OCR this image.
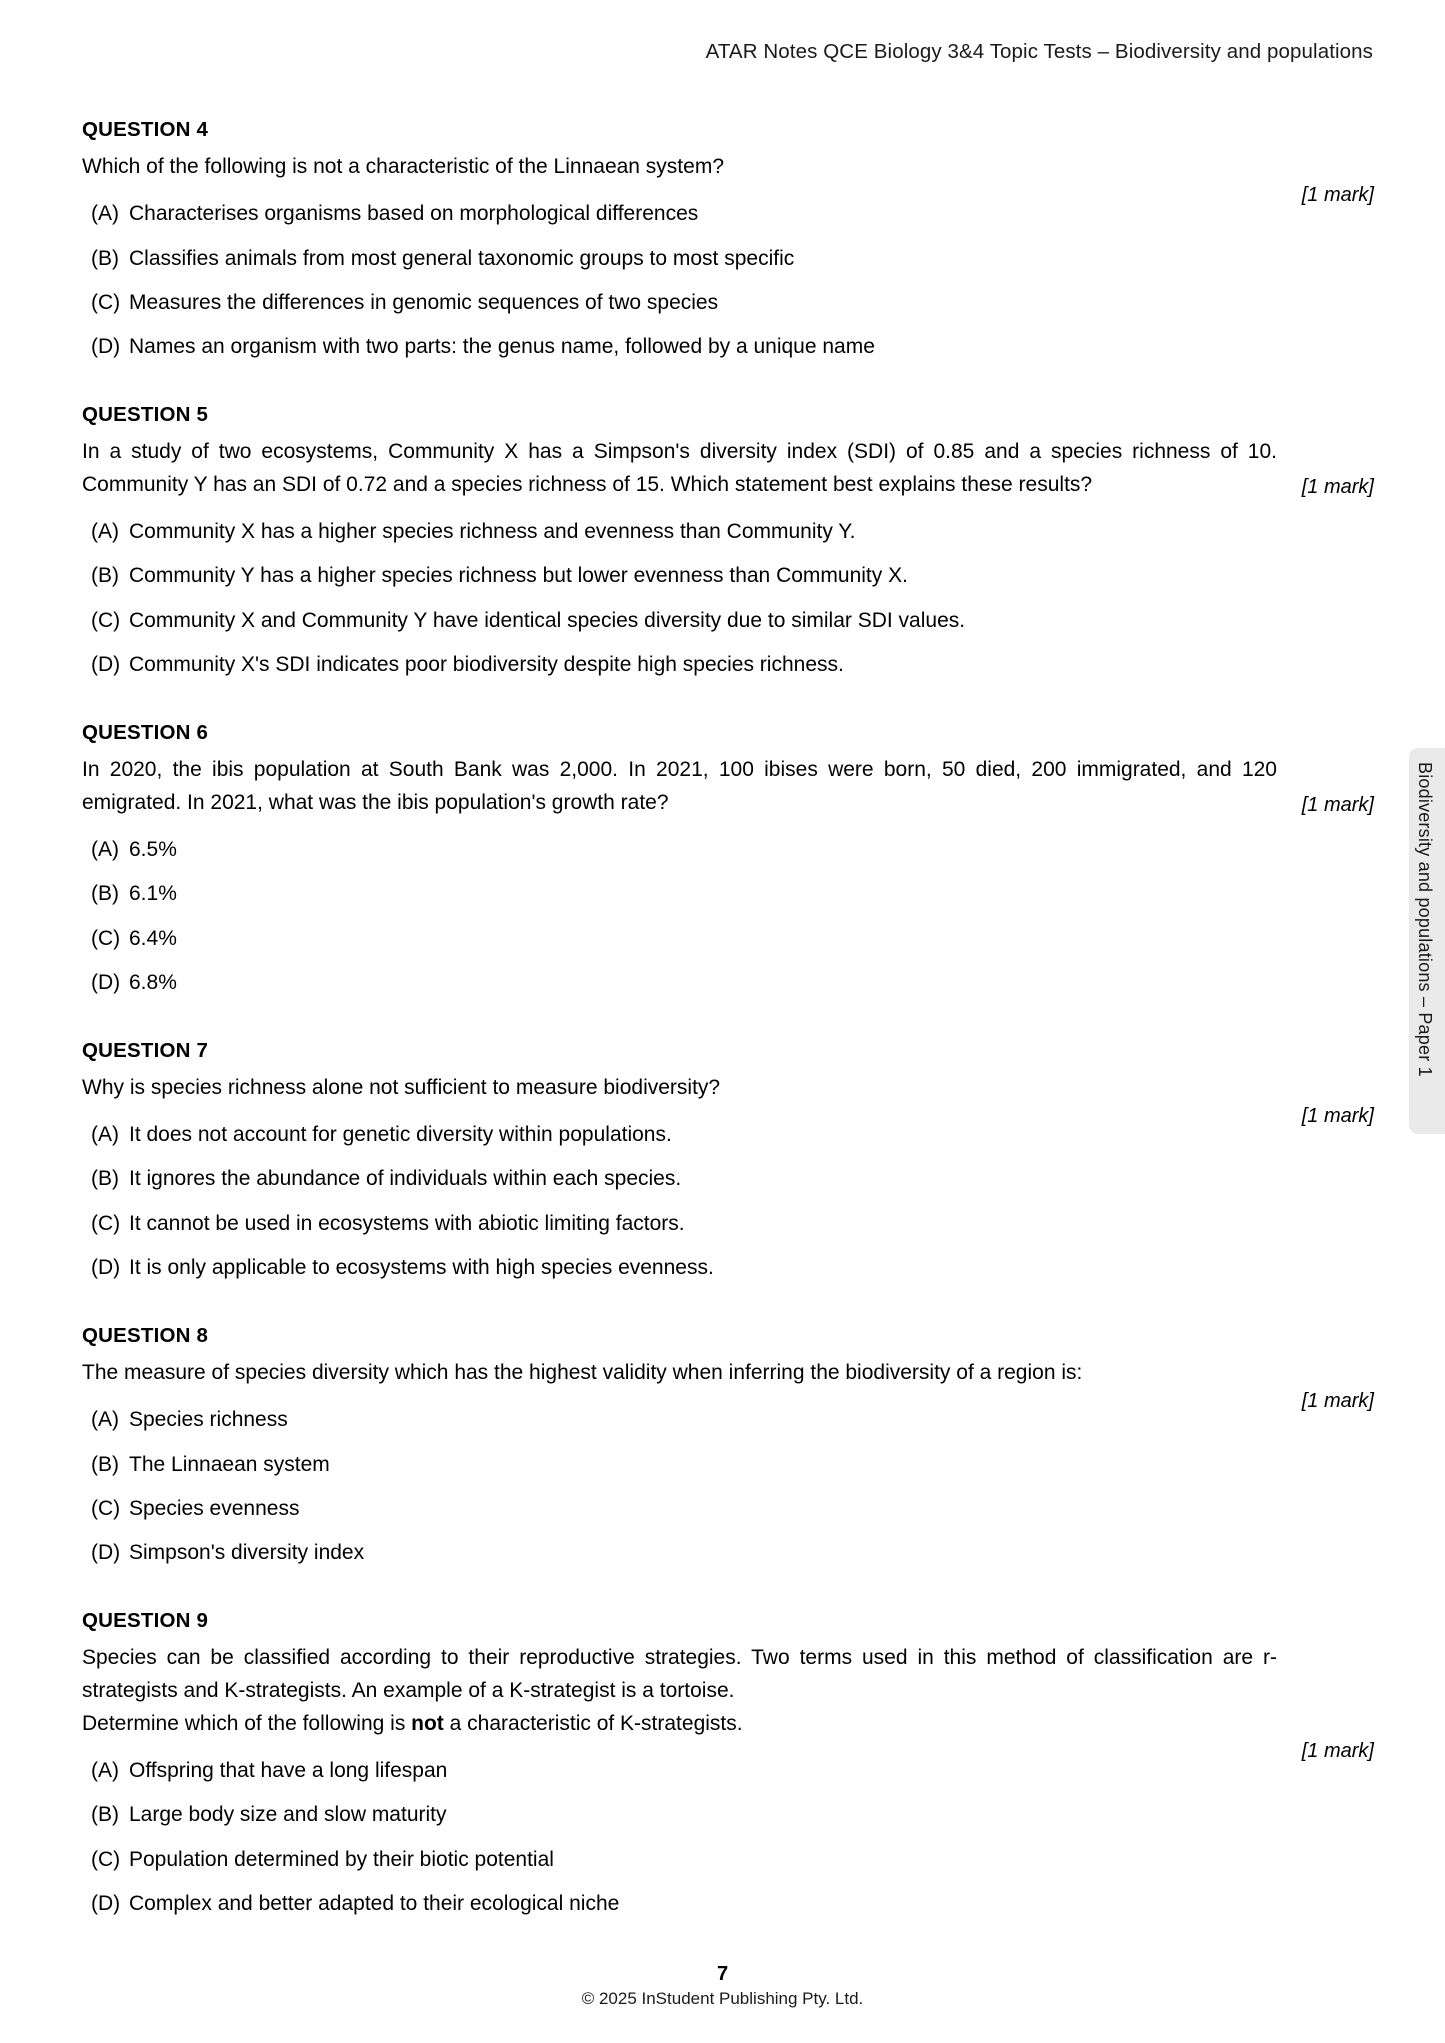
ATAR Notes QCE Biology 3&4 Topic Tests – Biodiversity and populations
QUESTION 4
Which of the following is not a characteristic of the Linnaean system?
[1 mark]
(A) Characterises organisms based on morphological differences
(B) Classifies animals from most general taxonomic groups to most specific
(C) Measures the differences in genomic sequences of two species
(D) Names an organism with two parts: the genus name, followed by a unique name
QUESTION 5
In a study of two ecosystems, Community X has a Simpson's diversity index (SDI) of 0.85 and a species richness of 10. Community Y has an SDI of 0.72 and a species richness of 15. Which statement best explains these results?	[1 mark]
(A) Community X has a higher species richness and evenness than Community Y.
(B) Community Y has a higher species richness but lower evenness than Community X.
(C) Community X and Community Y have identical species diversity due to similar SDI values.
(D) Community X's SDI indicates poor biodiversity despite high species richness.
QUESTION 6
In 2020, the ibis population at South Bank was 2,000. In 2021, 100 ibises were born, 50 died, 200 immigrated, and 120 emigrated. In 2021, what was the ibis population's growth rate?	[1 mark]
(A) 6.5%
(B) 6.1%
(C) 6.4%
(D) 6.8%
QUESTION 7
Why is species richness alone not sufficient to measure biodiversity?
[1 mark]
(A) It does not account for genetic diversity within populations.
(B) It ignores the abundance of individuals within each species.
(C) It cannot be used in ecosystems with abiotic limiting factors.
(D) It is only applicable to ecosystems with high species evenness.
QUESTION 8
The measure of species diversity which has the highest validity when inferring the biodiversity of a region is:
[1 mark]
(A) Species richness
(B) The Linnaean system
(C) Species evenness
(D) Simpson's diversity index
QUESTION 9
Species can be classified according to their reproductive strategies. Two terms used in this method of classification are r-strategists and K-strategists. An example of a K-strategist is a tortoise.
Determine which of the following is not a characteristic of K-strategists.
[1 mark]
(A) Offspring that have a long lifespan
(B) Large body size and slow maturity
(C) Population determined by their biotic potential
(D) Complex and better adapted to their ecological niche
Biodiversity and populations – Paper 1
7
© 2025 InStudent Publishing Pty. Ltd.
